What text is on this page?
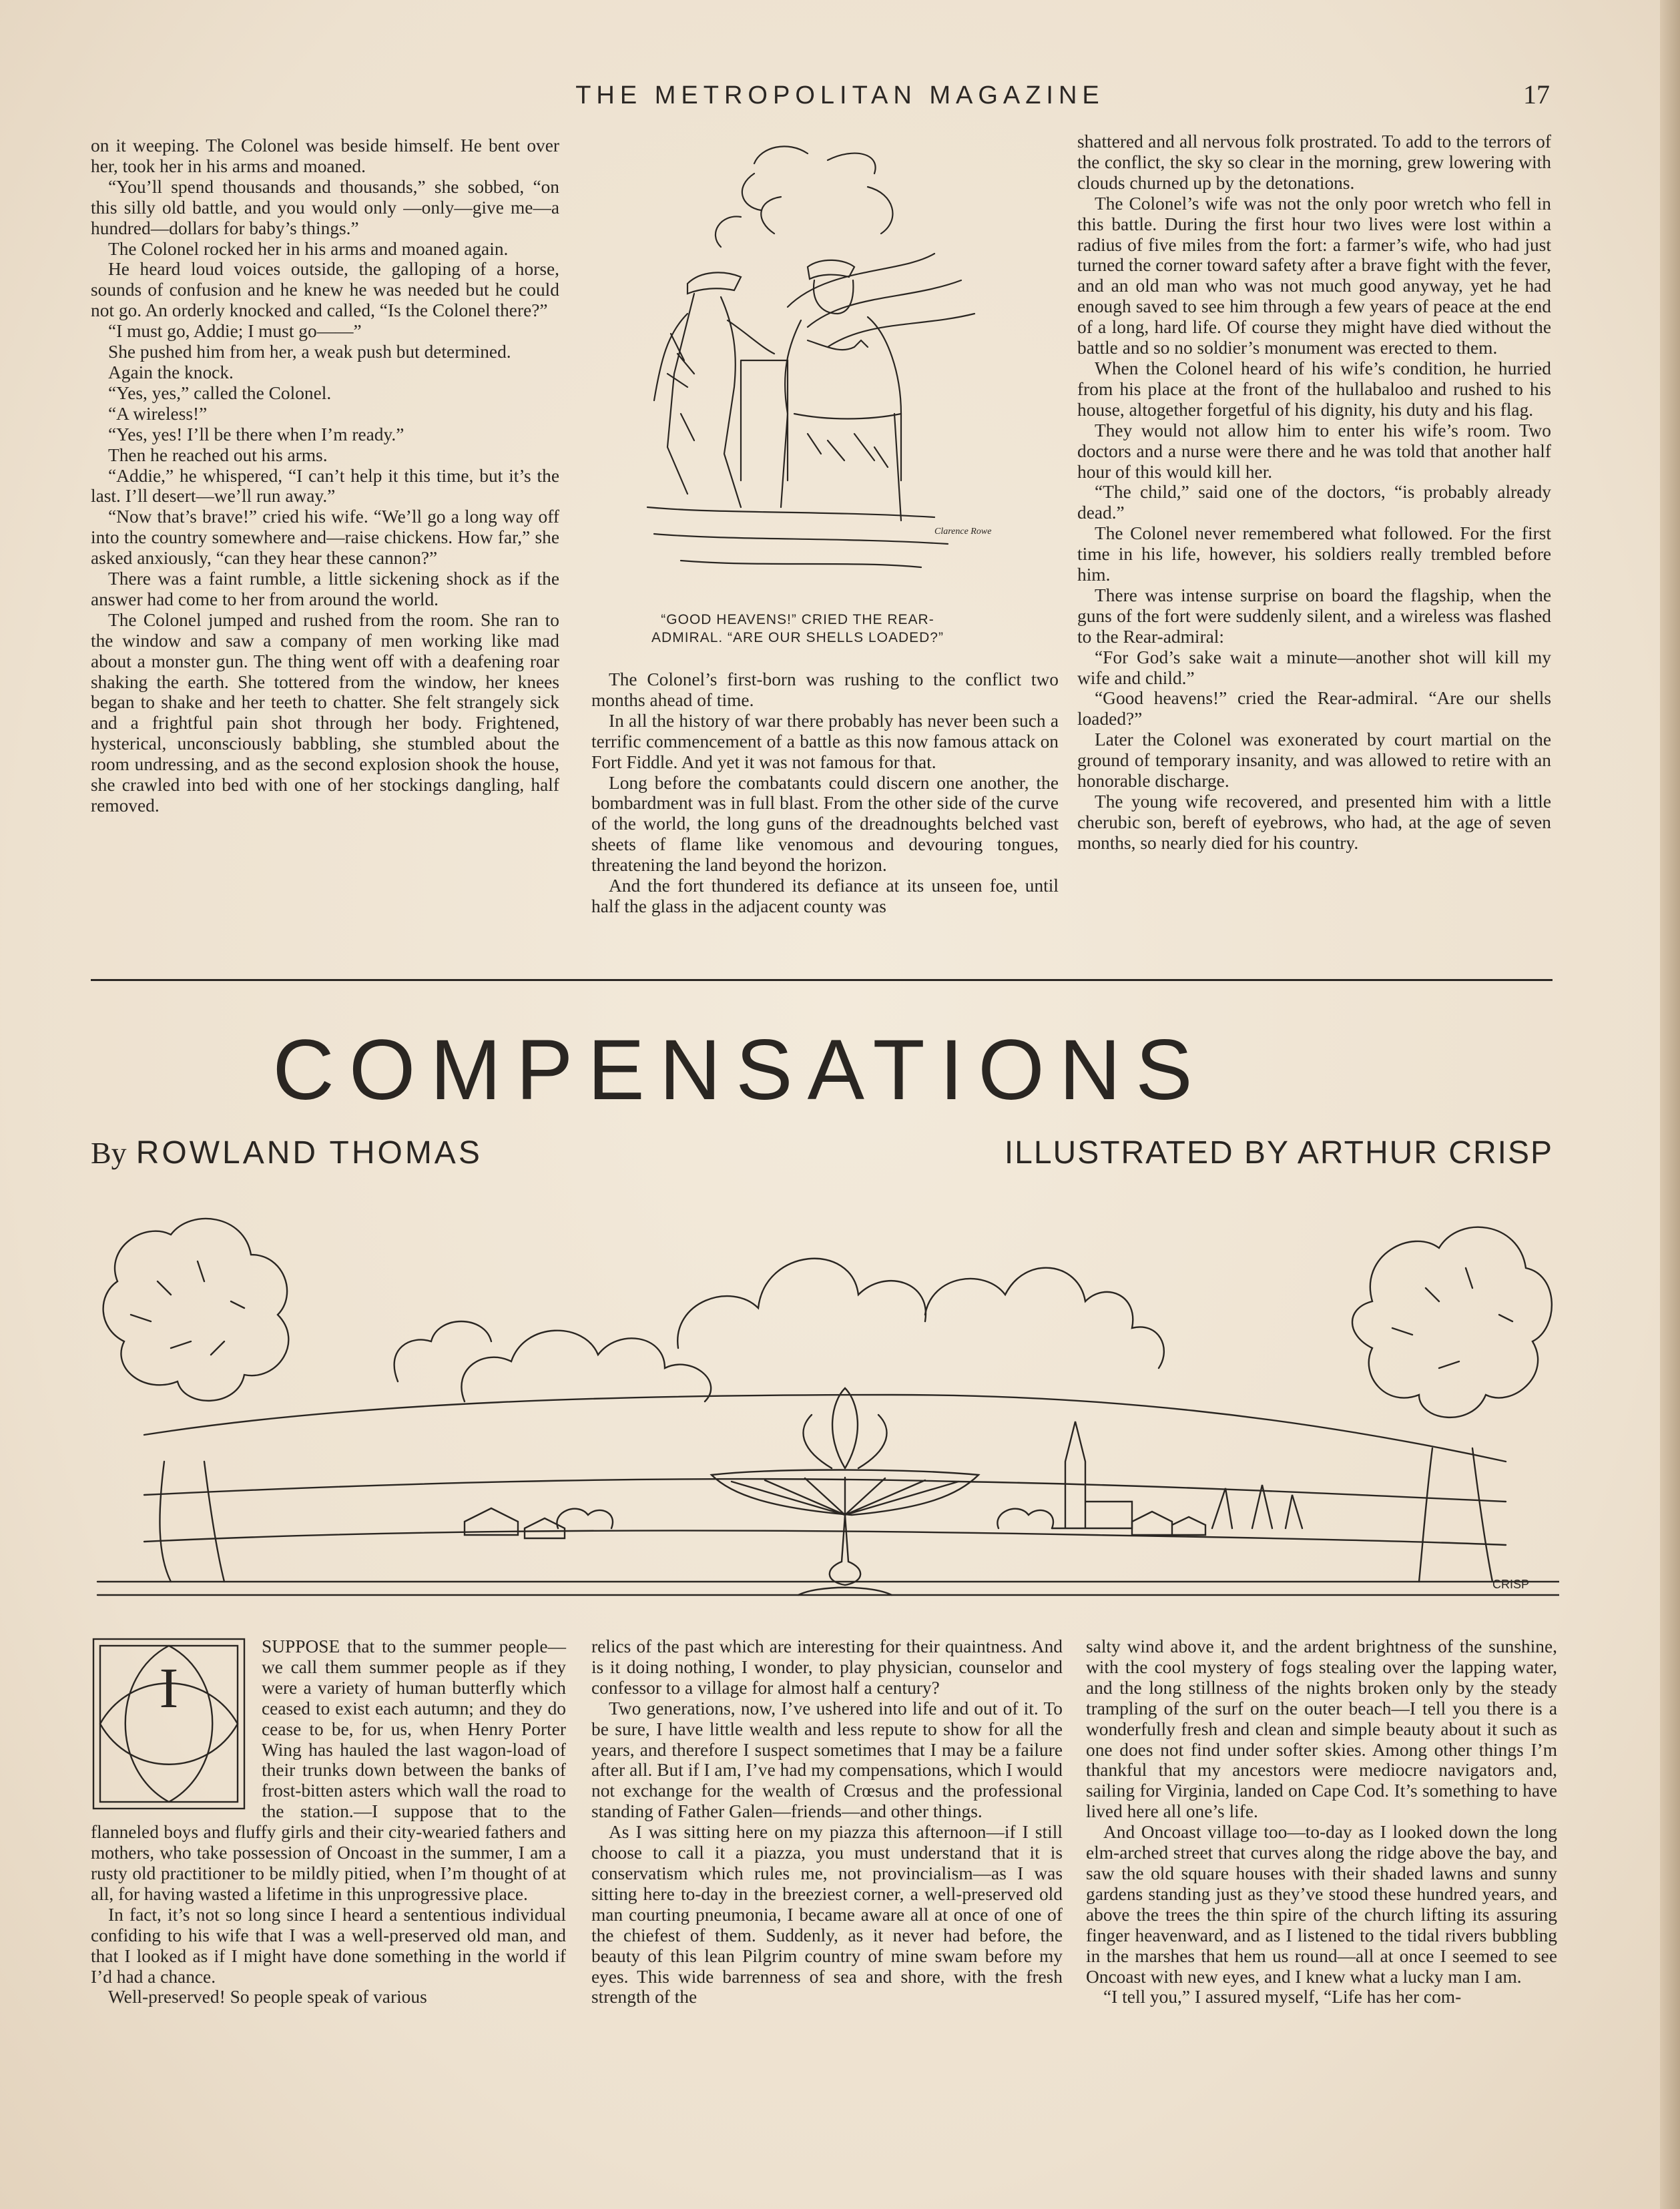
THE METROPOLITAN MAGAZINE	17

on it weeping. The Colonel was beside himself. He bent over her, took her in his arms and moaned.

“You’ll spend thousands and thousands,” she sobbed, “on this silly old battle, and you would only —only—give me—a hundred—dollars for baby’s things.”

The Colonel rocked her in his arms and moaned again.

He heard loud voices outside, the galloping of a horse, sounds of confusion and he knew he was needed but he could not go. An orderly knocked and called, “Is the Colonel there?”

“I must go, Addie; I must go——”

She pushed him from her, a weak push but determined.

Again the knock.

“Yes, yes,” called the Colonel.

“A wireless!”

“Yes, yes! I’ll be there when I’m ready.”

Then he reached out his arms.

“Addie,” he whispered, “I can’t help it this time, but it’s the last. I’ll desert—we’ll run away.”

“Now that’s brave!” cried his wife. “We’ll go a long way off into the country somewhere and—raise chickens. How far,” she asked anxiously, “can they hear these cannon?”

There was a faint rumble, a little sickening shock as if the answer had come to her from around the world.

The Colonel jumped and rushed from the room. She ran to the window and saw a company of men working like mad about a monster gun. The thing went off with a deafening roar shaking the earth. She tottered from the window, her knees began to shake and her teeth to chatter. She felt strangely sick and a frightful pain shot through her body. Frightened, hysterical, unconsciously babbling, she stumbled about the room undressing, and as the second explosion shook the house, she crawled into bed with one of her stockings dangling, half removed.

Clarence Rowe
“GOOD HEAVENS!” CRIED THE REAR-
ADMIRAL. “ARE OUR SHELLS LOADED?”

The Colonel’s first-born was rushing to the conflict two months ahead of time.

In all the history of war there probably has never been such a terrific commencement of a battle as this now famous attack on Fort Fiddle. And yet it was not famous for that.

Long before the combatants could discern one another, the bombardment was in full blast. From the other side of the curve of the world, the long guns of the dreadnoughts belched vast sheets of flame like venomous and devouring tongues, threatening the land beyond the horizon.

And the fort thundered its defiance at its unseen foe, until half the glass in the adjacent county was

shattered and all nervous folk prostrated. To add to the terrors of the conflict, the sky so clear in the morning, grew lowering with clouds churned up by the detonations.

The Colonel’s wife was not the only poor wretch who fell in this battle. During the first hour two lives were lost within a radius of five miles from the fort: a farmer’s wife, who had just turned the corner toward safety after a brave fight with the fever, and an old man who was not much good anyway, yet he had enough saved to see him through a few years of peace at the end of a long, hard life. Of course they might have died without the battle and so no soldier’s monument was erected to them.

When the Colonel heard of his wife’s condition, he hurried from his place at the front of the hullabaloo and rushed to his house, altogether forgetful of his dignity, his duty and his flag.

They would not allow him to enter his wife’s room. Two doctors and a nurse were there and he was told that another half hour of this would kill her.

“The child,” said one of the doctors, “is probably already dead.”

The Colonel never remembered what followed. For the first time in his life, however, his soldiers really trembled before him.

There was intense surprise on board the flagship, when the guns of the fort were suddenly silent, and a wireless was flashed to the Rear-admiral:

“For God’s sake wait a minute—another shot will kill my wife and child.”

“Good heavens!” cried the Rear-admiral. “Are our shells loaded?”

Later the Colonel was exonerated by court martial on the ground of temporary insanity, and was allowed to retire with an honorable discharge.

The young wife recovered, and presented him with a little cherubic son, bereft of eyebrows, who had, at the age of seven months, so nearly died for his country.

COMPENSATIONS
By ROWLAND THOMAS	ILLUSTRATED BY ARTHUR CRISP
CRISP
I

SUPPOSE that to the summer people—we call them summer people as if they were a variety of human butterfly which ceased to exist each autumn; and they do cease to be, for us, when Henry Porter Wing has hauled the last wagon-load of their trunks down between the banks of frost-bitten asters which wall the road to the station.—I suppose that to the flanneled boys and fluffy girls and their city-wearied fathers and mothers, who take possession of Oncoast in the summer, I am a rusty old practitioner to be mildly pitied, when I’m thought of at all, for having wasted a lifetime in this unprogressive place.

In fact, it’s not so long since I heard a sententious individual confiding to his wife that I was a well-preserved old man, and that I looked as if I might have done something in the world if I’d had a chance.

Well-preserved! So people speak of various

relics of the past which are interesting for their quaintness. And is it doing nothing, I wonder, to play physician, counselor and confessor to a village for almost half a century?

Two generations, now, I’ve ushered into life and out of it. To be sure, I have little wealth and less repute to show for all the years, and therefore I suspect sometimes that I may be a failure after all. But if I am, I’ve had my compensations, which I would not exchange for the wealth of Crœsus and the professional standing of Father Galen—friends—and other things.

As I was sitting here on my piazza this afternoon—if I still choose to call it a piazza, you must understand that it is conservatism which rules me, not provincialism—as I was sitting here to-day in the breeziest corner, a well-preserved old man courting pneumonia, I became aware all at once of one of the chiefest of them. Suddenly, as it never had before, the beauty of this lean Pilgrim country of mine swam before my eyes. This wide barrenness of sea and shore, with the fresh strength of the

salty wind above it, and the ardent brightness of the sunshine, with the cool mystery of fogs stealing over the lapping water, and the long stillness of the nights broken only by the steady trampling of the surf on the outer beach—I tell you there is a wonderfully fresh and clean and simple beauty about it such as one does not find under softer skies. Among other things I’m thankful that my ancestors were mediocre navigators and, sailing for Virginia, landed on Cape Cod. It’s something to have lived here all one’s life.

And Oncoast village too—to-day as I looked down the long elm-arched street that curves along the ridge above the bay, and saw the old square houses with their shaded lawns and sunny gardens standing just as they’ve stood these hundred years, and above the trees the thin spire of the church lifting its assuring finger heavenward, and as I listened to the tidal rivers bubbling in the marshes that hem us round—all at once I seemed to see Oncoast with new eyes, and I knew what a lucky man I am.

“I tell you,” I assured myself, “Life has her com-
